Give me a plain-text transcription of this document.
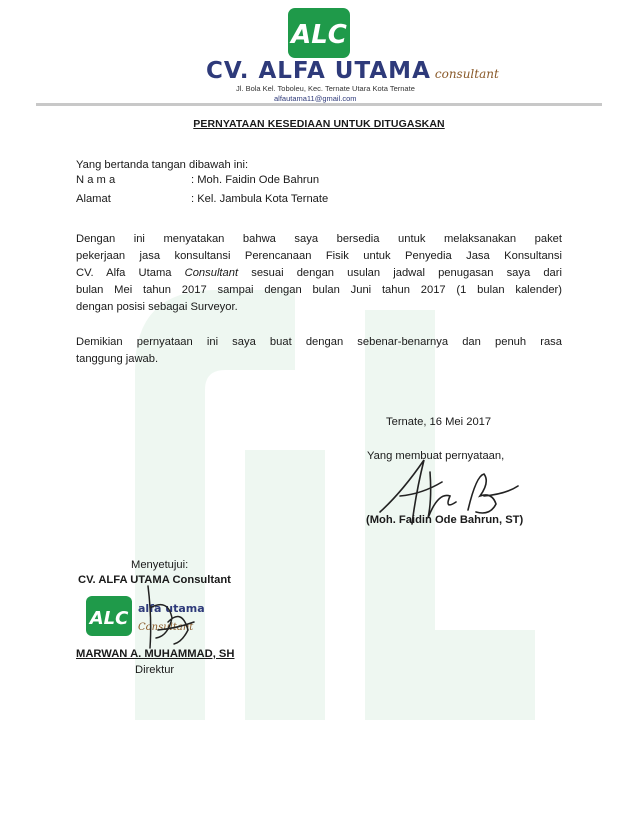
ALC
CV. ALFA UTAMA consultant
Jl. Bola Kel. Toboleu, Kec. Ternate Utara Kota Ternate
alfautama11@gmail.com
PERNYATAAN KESEDIAAN UNTUK DITUGASKAN
Yang bertanda tangan dibawah ini:
N a m a	: Moh. Faidin Ode Bahrun
Alamat	: Kel. Jambula Kota Ternate
Dengan ini menyatakan bahwa saya bersedia untuk melaksanakan paket
pekerjaan jasa konsultansi Perencanaan Fisik untuk Penyedia Jasa Konsultansi
CV. Alfa Utama Consultant sesuai dengan usulan jadwal penugasan saya dari
bulan Mei tahun 2017 sampai dengan bulan Juni tahun 2017 (1 bulan kalender)
dengan posisi sebagai Surveyor.
Demikian pernyataan ini saya buat dengan sebenar-benarnya dan penuh rasa
tanggung jawab.
Ternate, 16 Mei 2017
Yang membuat pernyataan,
(Moh. Faidin Ode Bahrun, ST)
Menyetujui:
CV. ALFA UTAMA Consultant
ALC alfa utama
Consultant
MARWAN A. MUHAMMAD, SH
Direktur
